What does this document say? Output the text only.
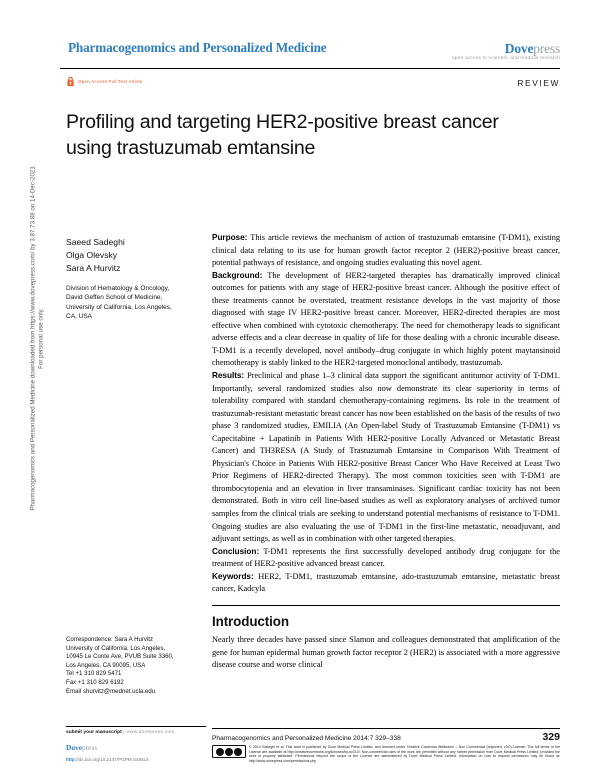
Pharmacogenomics and Personalized Medicine downloaded from https://www.dovepress.com/ by 3.87.73.88 on 14-Dec-2021 For personal use only.
Pharmacogenomics and Personalized Medicine	Dovepress
open access to scientific and medical research
Open Access Full Text Article	REVIEW
Profiling and targeting HER2-positive breast cancer using trastuzumab emtansine
Saeed Sadeghi
Olga Olevsky
Sara A Hurvitz
Division of Hematology & Oncology,
David Geffen School of Medicine,
University of California, Los Angeles,
CA, USA
Correspondence: Sara A Hurvitz
University of California, Los Angeles,
10945 Le Conte Ave, PVUB Suite 3360,
Los Angeles, CA 90095, USA
Tel +1 310 829 5471
Fax +1 310 829 6192
Email shurvitz@mednet.ucla.edu
submit your manuscript | www.dovepress.com
Dovepress
http://dx.doi.org/10.2147/PGPM.S49514

Purpose: This article reviews the mechanism of action of trastuzumab emtansine (T-DM1), existing clinical data relating to its use for human growth factor receptor 2 (HER2)-positive breast cancer, potential pathways of resistance, and ongoing studies evaluating this novel agent.

Background: The development of HER2-targeted therapies has dramatically improved clinical outcomes for patients with any stage of HER2-positive breast cancer. Although the positive effect of these treatments cannot be overstated, treatment resistance develops in the vast majority of those diagnosed with stage IV HER2-positive breast cancer. Moreover, HER2-directed therapies are most effective when combined with cytotoxic chemotherapy. The need for chemotherapy leads to significant adverse effects and a clear decrease in quality of life for those dealing with a chronic incurable disease. T-DM1 is a recently developed, novel antibody–drug conjugate in which highly potent maytansinoid chemotherapy is stably linked to the HER2-targeted monoclonal antibody, trastuzumab.

Results: Preclinical and phase 1–3 clinical data support the significant antitumor activity of T-DM1. Importantly, several randomized studies also now demonstrate its clear superiority in terms of tolerability compared with standard chemotherapy-containing regimens. Its role in the treatment of trastuzumab-resistant metastatic breast cancer has now been established on the basis of the results of two phase 3 randomized studies, EMILIA (An Open-label Study of Trastuzumab Emtansine (T-DM1) vs Capecitabine + Lapatinib in Patients With HER2-positive Locally Advanced or Metastatic Breast Cancer) and TH3RESA (A Study of Trastuzumab Emtansine in Comparison With Treatment of Physician's Choice in Patients With HER2-positive Breast Cancer Who Have Received at Least Two Prior Regimens of HER2-directed Therapy). The most common toxicities seen with T-DM1 are thrombocytopenia and an elevation in liver transaminases. Significant cardiac toxicity has not been demonstrated. Both in vitro cell line-based studies as well as exploratory analyses of archived tumor samples from the clinical trials are seeking to understand potential mechanisms of resistance to T-DM1. Ongoing studies are also evaluating the use of T-DM1 in the first-line metastatic, neoadjuvant, and adjuvant settings, as well as in combination with other targeted therapies.

Conclusion: T-DM1 represents the first successfully developed antibody drug conjugate for the treatment of HER2-positive advanced breast cancer.

Keywords: HER2, T-DM1, trastuzumab emtansine, ado-trastuzumab emtansine, metastatic breast cancer, Kadcyla

Introduction

Nearly three decades have passed since Slamon and colleagues demonstrated that amplification of the gene for human epidermal human growth factor receptor 2 (HER2) is associated with a more aggressive disease course and worse clinical

Pharmacogenomics and Personalized Medicine 2014:7 329–338	329
© 2014 Sadeghi et al. This work is published by Dove Medical Press Limited, and licensed under Creative Commons Attribution – Non Commercial (unported, v3.0) License. The full terms of the License are available at http://creativecommons.org/licenses/by-nc/3.0/. Non-commercial uses of the work are permitted without any further permission from Dove Medical Press Limited, provided the work is properly attributed. Permissions beyond the scope of the License are administered by Dove Medical Press Limited. Information on how to request permission may be found at: http://www.dovepress.com/permissions.php
